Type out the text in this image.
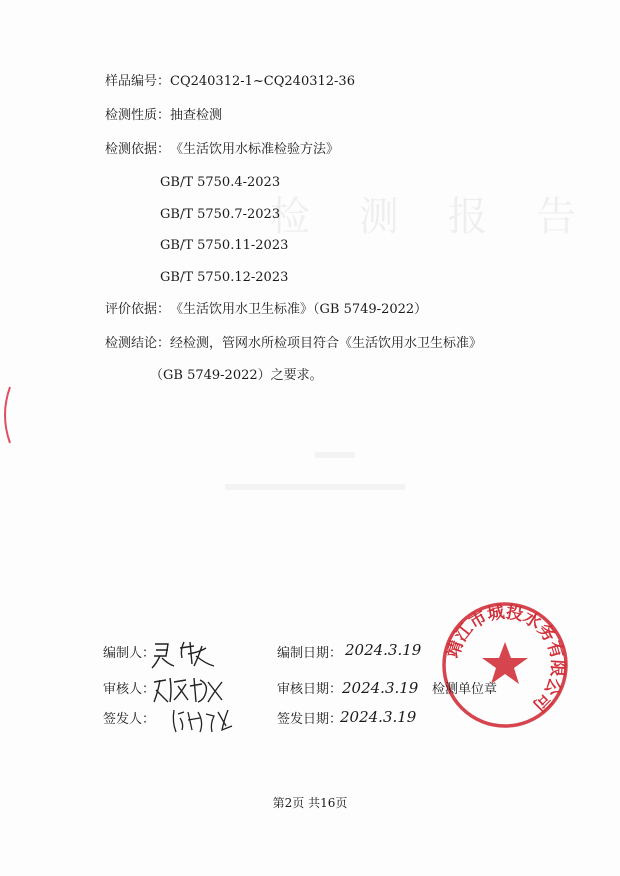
检 测 报 告
样品编号：CQ240312-1~CQ240312-36
检测性质：抽查检测
检测依据：《生活饮用水标准检验方法》
GB/T 5750.4-2023
GB/T 5750.7-2023
GB/T 5750.11-2023
GB/T 5750.12-2023
评价依据：《生活饮用水卫生标准》（GB 5749-2022）
检测结论：经检测，管网水所检项目符合《生活饮用水卫生标准》
（GB 5749-2022）之要求。
靖江市城投水务有限公司
编制人：
审核人：
签发人：
编制日期：
审核日期：
签发日期：
2024.3.19
2024.3.19
2024.3.19
检测单位章
第2页 共16页
